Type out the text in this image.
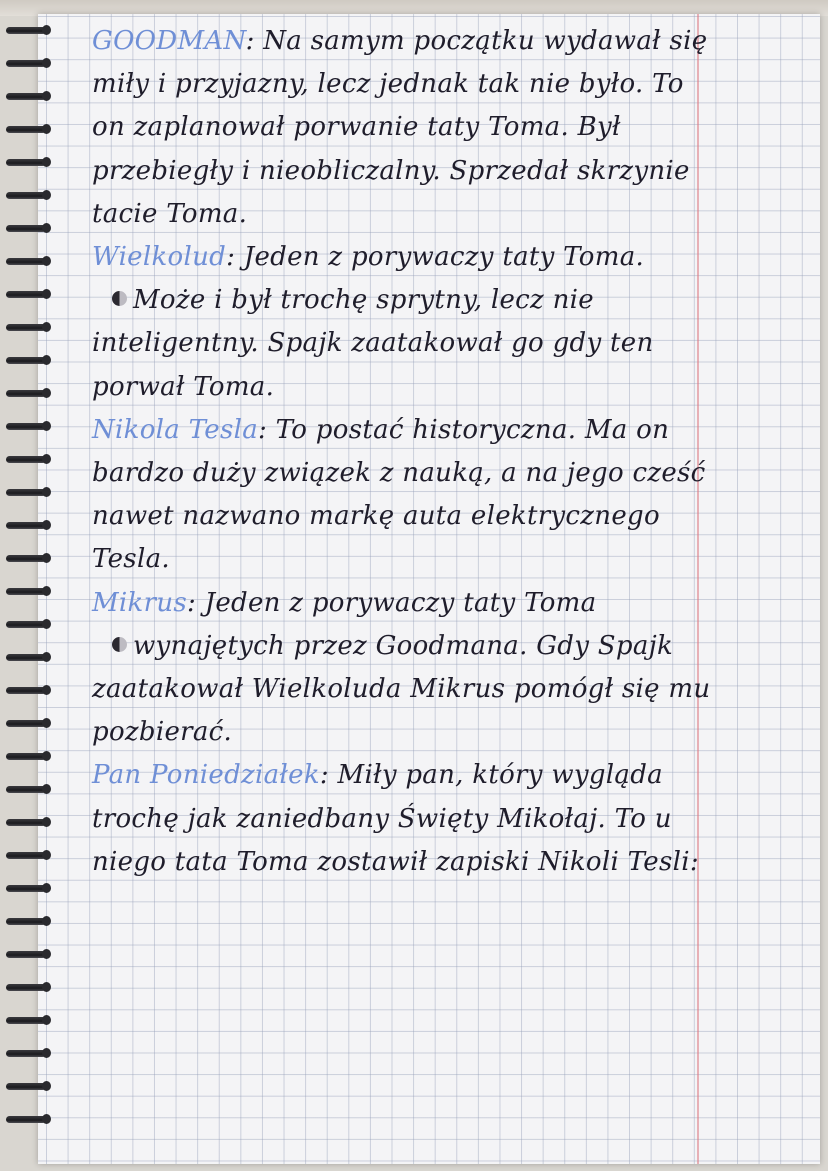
GOODMAN: Na samym początku wydawał się miły i przyjazny, lecz jednak tak nie było. To on zaplanował porwanie taty Toma. Był przebiegły i nieobliczalny. Sprzedał skrzynie tacie Toma.

Wielkolud: Jeden z porywaczy taty Toma.

Może i był trochę sprytny, lecz nie inteligentny. Spajk zaatakował go gdy ten porwał Toma.

Nikola Tesla: To postać historyczna. Ma on bardzo duży związek z nauką, a na jego cześć nawet nazwano markę auta elektrycznego Tesla.

Mikrus: Jeden z porywaczy taty Toma

wynajętych przez Goodmana. Gdy Spajk zaatakował Wielkoluda Mikrus pomógł się mu pozbierać.

Pan Poniedziałek: Miły pan, który wygląda trochę jak zaniedbany Święty Mikołaj. To u niego tata Toma zostawił zapiski Nikoli Tesli:
